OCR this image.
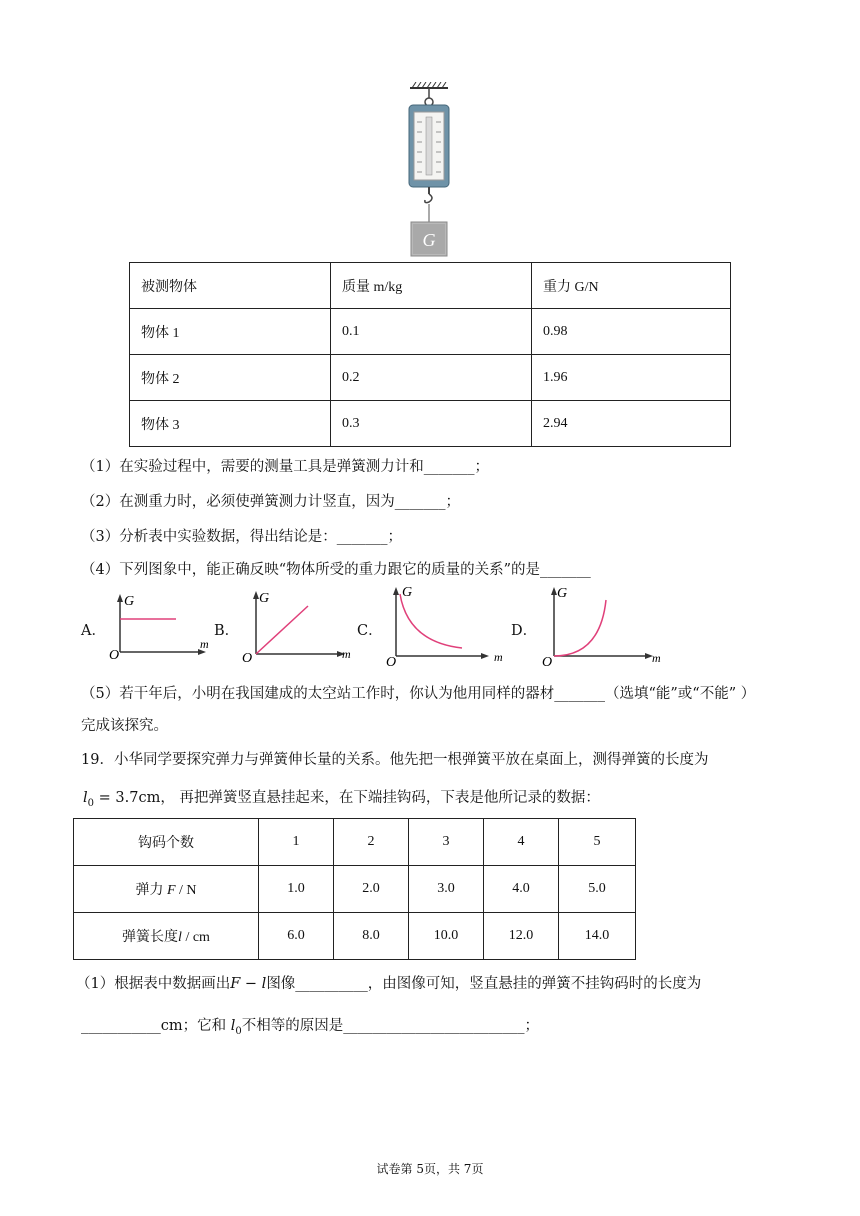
G
被测物体	质量 m/kg	重力 G/N
物体 1	0.1	0.98
物体 2	0.2	1.96
物体 3	0.3	2.94
（1）在实验过程中，需要的测量工具是弹簧测力计和_______；
（2）在测重力时，必须使弹簧测力计竖直，因为_______；
（3）分析表中实验数据，得出结论是：_______；
（4）下列图象中，能正确反映“物体所受的重力跟它的质量的关系”的是_______
A．
G
O
m
B．
G
O	m
C．
G
O	m
D．
G
O	m
（5）若干年后，小明在我国建成的太空站工作时，你认为他用同样的器材_______（选填“能”或“不能” ）
完成该探究。
19．小华同学要探究弹力与弹簧伸长量的关系。他先把一根弹簧平放在桌面上，测得弹簧的长度为
$l_0 = 3.7cm$， 再把弹簧竖直悬挂起来，在下端挂钩码，下表是他所记录的数据：
钩码个数	1	2	3	4	5
弹力 F / N	1.0	2.0	3.0	4.0	5.0
弹簧长度l / cm	6.0	8.0	10.0	12.0	14.0
（1）根据表中数据画出F − l图像__________，由图像可知，竖直悬挂的弹簧不挂钩码时的长度为
___________cm；它和 $l_0$不相等的原因是_________________________；
试卷第 5页，共 7页
